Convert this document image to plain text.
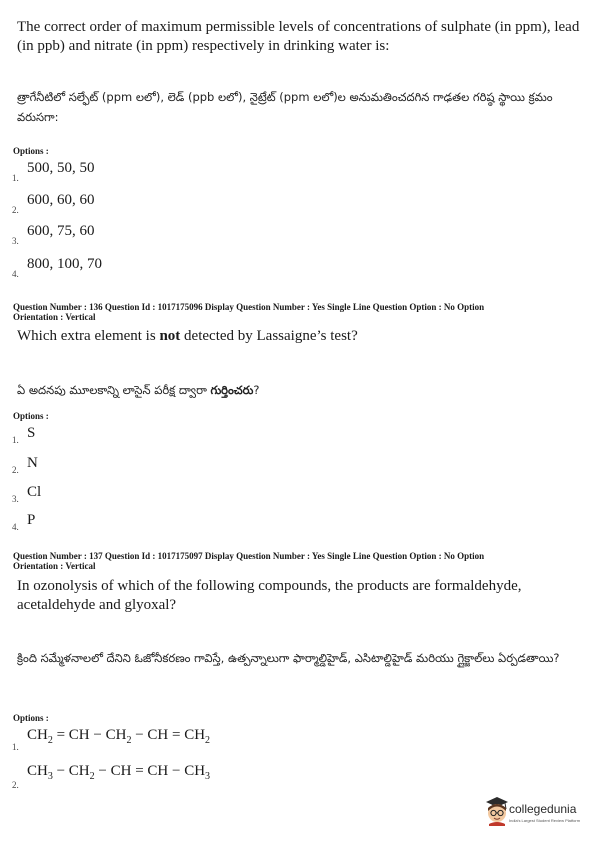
The correct order of maximum permissible levels of concentrations of sulphate (in ppm), lead (in ppb) and nitrate (in ppm) respectively in drinking water is:
త్రాగేనీటిలో సల్ఫేట్ (ppm లలో), లెడ్ (ppb లలో), నైట్రేట్ (ppm లలో)ల అనుమతించదగిన గాఢతల గరిష్ఠ స్థాయి క్రమం వరుసగా:
Options :
1.
500, 50, 50
2.
600, 60, 60
3.
600, 75, 60
4.
800, 100, 70
Question Number : 136 Question Id : 1017175096 Display Question Number : Yes Single Line Question Option : No Option
Orientation : Vertical
Which extra element is not detected by Lassaigne’s test?
ఏ అదనపు మూలకాన్ని లాసైన్ పరీక్ష ద్వారా గుర్తించరు?
Options :
1. S
2. N
3. Cl
4. P
Question Number : 137 Question Id : 1017175097 Display Question Number : Yes Single Line Question Option : No Option
Orientation : Vertical
In ozonolysis of which of the following compounds, the products are formaldehyde, acetaldehyde and glyoxal?
క్రింది సమ్మేళనాలలో దేనిని ఓజోనీకరణం గావిస్తే, ఉత్పన్నాలుగా ఫార్మాల్డిహైడ్, ఎసిటాల్డిహైడ్ మరియు గ్లైక్జాల్‌లు ఏర్పడతాయి?
Options :
1.
$CH_2$ = CH − $CH_2$ − CH = $CH_2$
2.
$CH_3 - CH_2$ − CH = CH − $CH_3$
collegedunia
India's Largest Student Review Platform
